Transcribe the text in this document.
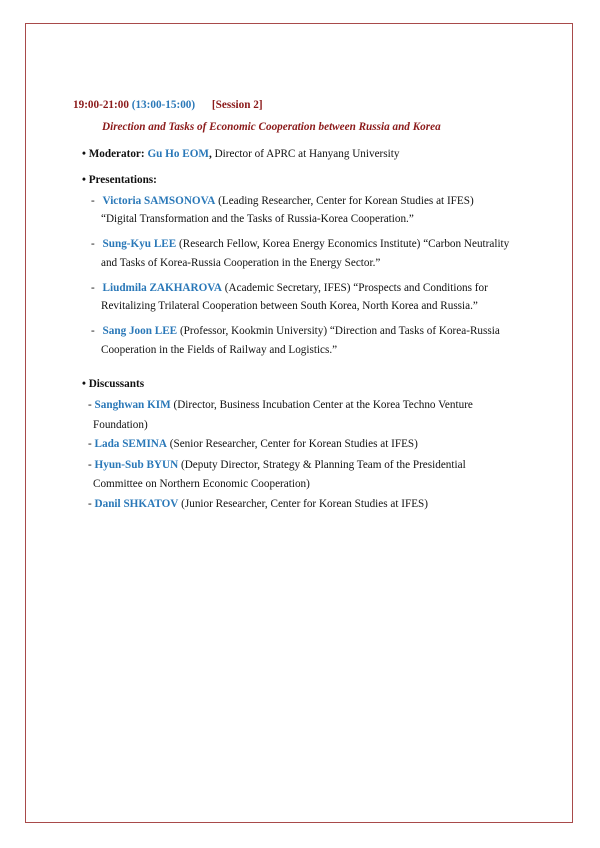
19:00-21:00 (13:00-15:00) [Session 2]
Direction and Tasks of Economic Cooperation between Russia and Korea
• Moderator: Gu Ho EOM, Director of APRC at Hanyang University
• Presentations:
- Victoria SAMSONOVA (Leading Researcher, Center for Korean Studies at IFES)
“Digital Transformation and the Tasks of Russia-Korea Cooperation.”
- Sung-Kyu LEE (Research Fellow, Korea Energy Economics Institute) “Carbon Neutrality
and Tasks of Korea-Russia Cooperation in the Energy Sector.”
- Liudmila ZAKHAROVA (Academic Secretary, IFES) “Prospects and Conditions for
Revitalizing Trilateral Cooperation between South Korea, North Korea and Russia.”
- Sang Joon LEE (Professor, Kookmin University) “Direction and Tasks of Korea-Russia
Cooperation in the Fields of Railway and Logistics.”
• Discussants
- Sanghwan KIM (Director, Business Incubation Center at the Korea Techno Venture
Foundation)
- Lada SEMINA (Senior Researcher, Center for Korean Studies at IFES)
- Hyun-Sub BYUN (Deputy Director, Strategy & Planning Team of the Presidential
Committee on Northern Economic Cooperation)
- Danil SHKATOV (Junior Researcher, Center for Korean Studies at IFES)
